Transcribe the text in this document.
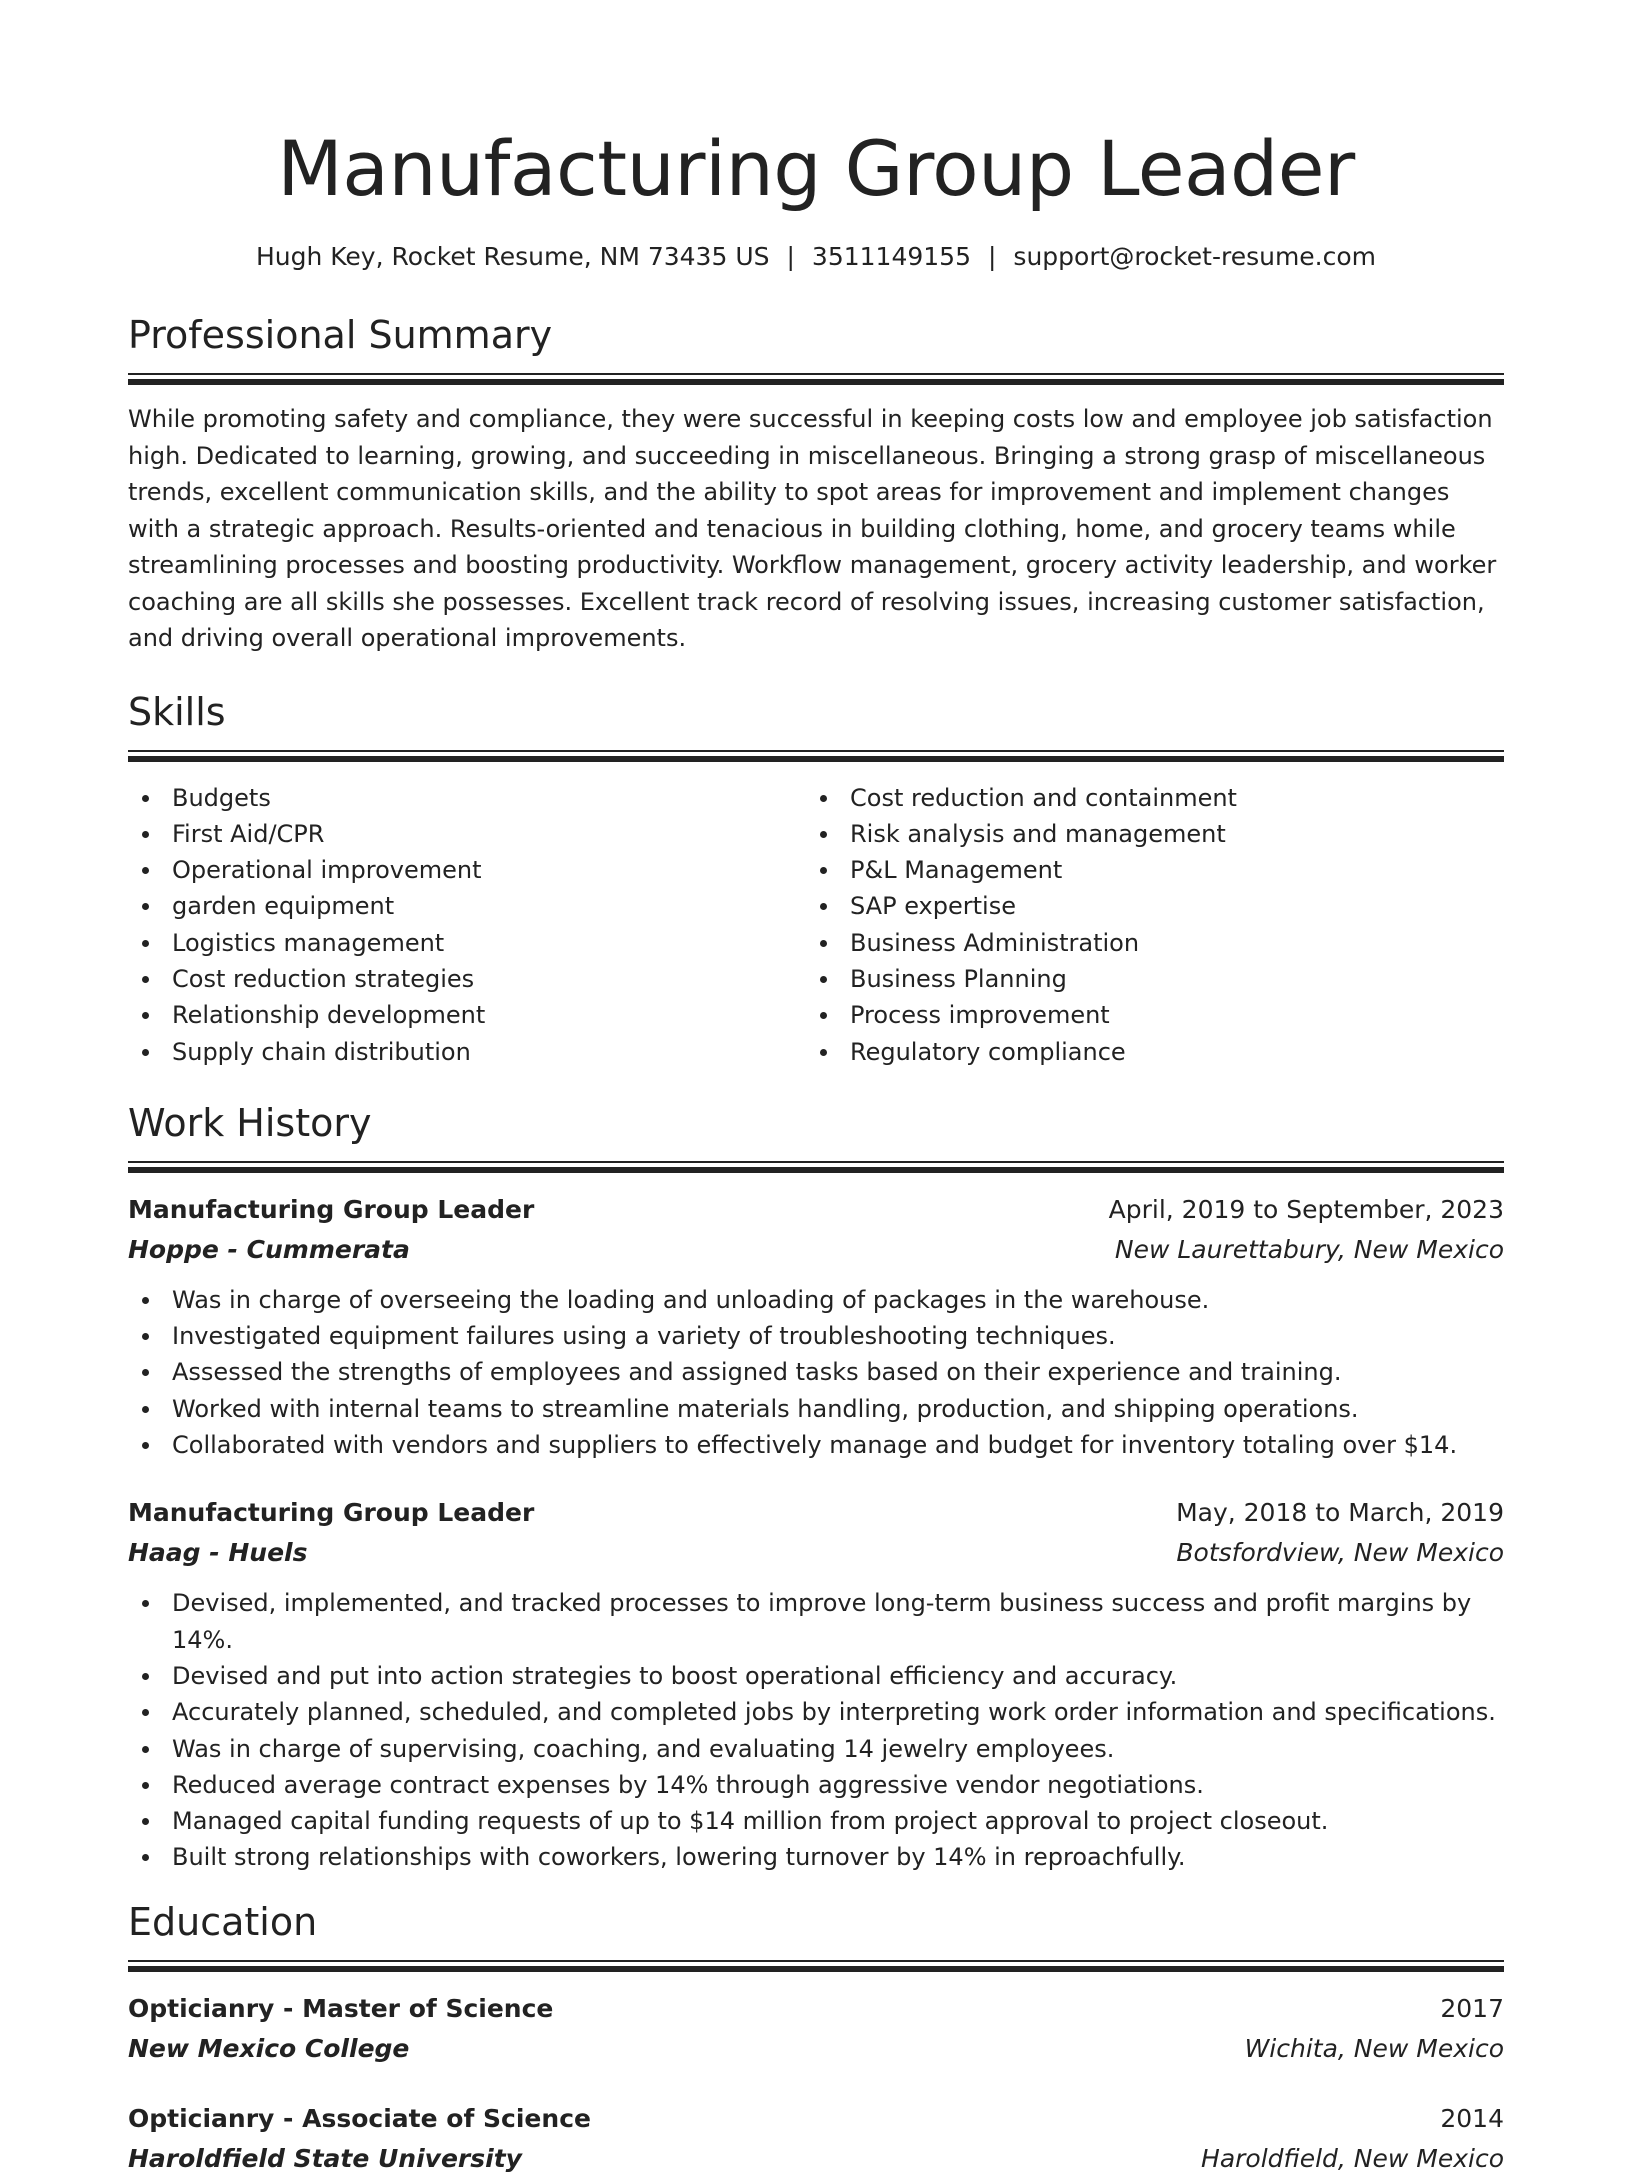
Manufacturing Group Leader
Hugh Key, Rocket Resume, NM 73435 US | 3511149155 | support@rocket-resume.com
Professional Summary

While promoting safety and compliance, they were successful in keeping costs low and employee job satisfaction high. Dedicated to learning, growing, and succeeding in miscellaneous. Bringing a strong grasp of miscellaneous trends, excellent communication skills, and the ability to spot areas for improvement and implement changes with a strategic approach. Results-oriented and tenacious in building clothing, home, and grocery teams while streamlining processes and boosting productivity. Workflow management, grocery activity leadership, and worker coaching are all skills she possesses. Excellent track record of resolving issues, increasing customer satisfaction, and driving overall operational improvements.

Skills
Budgets
First Aid/CPR
Operational improvement
garden equipment
Logistics management
Cost reduction strategies
Relationship development
Supply chain distribution
Cost reduction and containment
Risk analysis and management
P&L Management
SAP expertise
Business Administration
Business Planning
Process improvement
Regulatory compliance
Work History
Manufacturing Group Leader	April, 2019 to September, 2023
Hoppe - Cummerata	New Laurettabury, New Mexico
Was in charge of overseeing the loading and unloading of packages in the warehouse.
Investigated equipment failures using a variety of troubleshooting techniques.
Assessed the strengths of employees and assigned tasks based on their experience and training.
Worked with internal teams to streamline materials handling, production, and shipping operations.
Collaborated with vendors and suppliers to effectively manage and budget for inventory totaling over $14.
Manufacturing Group Leader	May, 2018 to March, 2019
Haag - Huels	Botsfordview, New Mexico
Devised, implemented, and tracked processes to improve long-term business success and profit margins by 14%.
Devised and put into action strategies to boost operational efficiency and accuracy.
Accurately planned, scheduled, and completed jobs by interpreting work order information and specifications.
Was in charge of supervising, coaching, and evaluating 14 jewelry employees.
Reduced average contract expenses by 14% through aggressive vendor negotiations.
Managed capital funding requests of up to $14 million from project approval to project closeout.
Built strong relationships with coworkers, lowering turnover by 14% in reproachfully.
Education
Opticianry - Master of Science	2017
New Mexico College	Wichita, New Mexico
Opticianry - Associate of Science	2014
Haroldfield State University	Haroldfield, New Mexico
